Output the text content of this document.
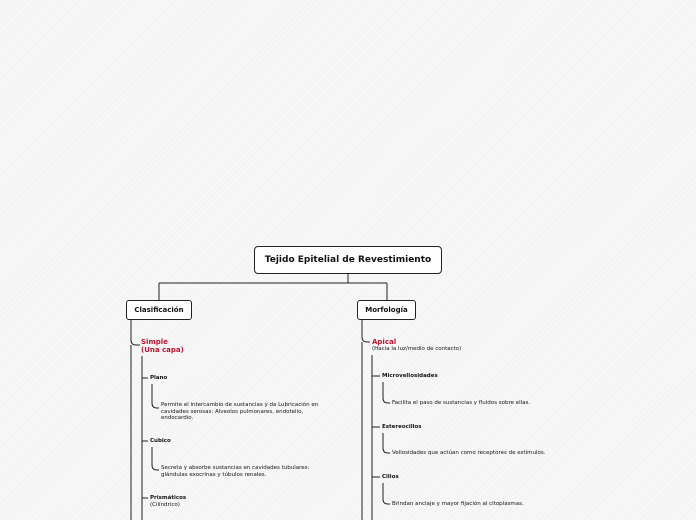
Tejido Epitelial de Revestimiento
Clasificación
Simple
(Una capa)
Plano
Permite el intercambio de sustancias y da Lubricación en
cavidades serosas: Alveolos pulmonares, endotelio,
endocardio.
Cubico
Secreta y absorbe sustancias en cavidades tubulares:
glándulas exocrinas y túbulos renales.
Prismáticos
(Cilíndrico)
Morfología
Apical
(Hacia la luz/medio de contacto)
Microvellosidades
Facilita el paso de sustancias y fluidos sobre ellas.
Estereocilios
Vellosidades que actúan como receptores de estímulos.
Cilios
Brindan anclaje y mayor fijación al citoplasmas.
